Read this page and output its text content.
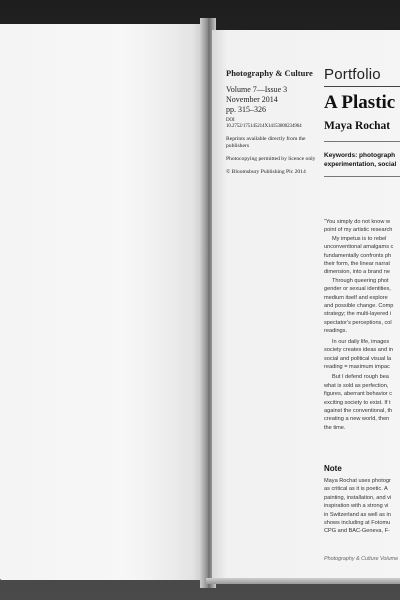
Photography & Culture
Volume 7—Issue 3
November 2014
pp. 315–326
DOI
10.2752/175145214X14153800234964
Reprints available directly from the publishers
Photocopying permitted by licence only
© Bloomsbury Publishing Plc 2014
Portfolio
A Plastic
Maya Rochat
Keywords: photograph
experimentation, social

“You simply do not know w

point of my artistic research

My impetus is to rebel

unconventional amalgams c

fundamentally confronts ph

their form, the linear narrat

dimension, into a brand ne

Through queering phot

gender or sexual identities,

medium itself and explore

and possible change. Comp

strategy; the multi-layered i

spectator's perceptions, col

readings.

In our daily life, images

society creates ideas and in

social and political visual la

reading = maximum impac

But I defend rough bea

what is sold as perfection,

figures, aberrant behavior c

exciting society to exist. If t

against the conventional, th

creating a new world, then

the time.

Note

Maya Rochat uses photogr

as critical as it is poetic. A

painting, installation, and vi

inspiration with a strong vi

in Switzerland as well as in

shows including at Fotomu

CPG and BAC-Geneva, F-

Photography & Culture Volume
